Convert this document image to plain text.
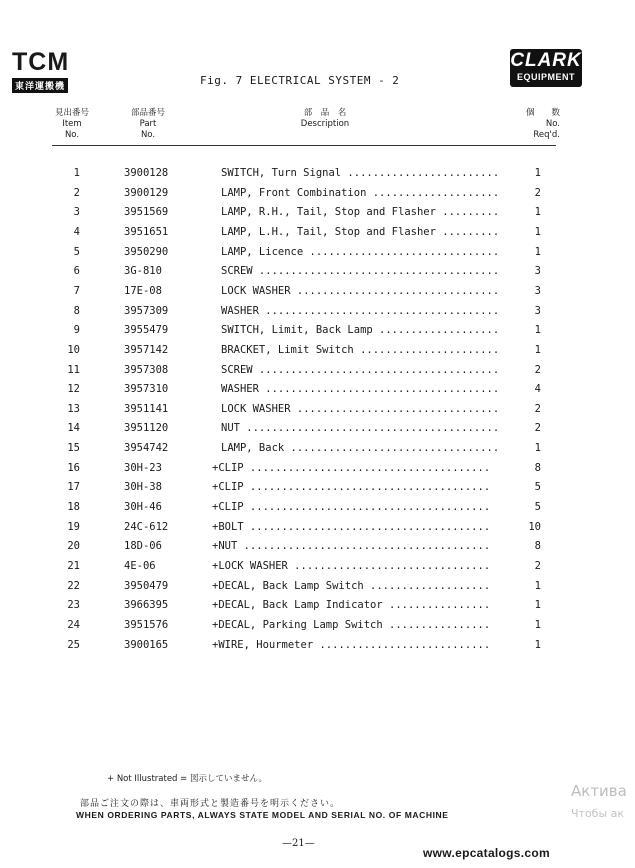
TCM
東洋運搬機
CLARK
EQUIPMENT
Fig. 7 ELECTRICAL SYSTEM - 2
見出番号
Item
No.
部品番号
Part
No.
部　品　名
Description
個　　数
No.
Req'd.
1	3900128	SWITCH, Turn Signal ........................	1
2	3900129	LAMP, Front Combination ....................	2
3	3951569	LAMP, R.H., Tail, Stop and Flasher .........	1
4	3951651	LAMP, L.H., Tail, Stop and Flasher .........	1
5	3950290	LAMP, Licence ..............................	1
6	3G-810	SCREW ......................................	3
7	17E-08	LOCK WASHER ................................	3
8	3957309	WASHER .....................................	3
9	3955479	SWITCH, Limit, Back Lamp ...................	1
10	3957142	BRACKET, Limit Switch ......................	1
11	3957308	SCREW ......................................	2
12	3957310	WASHER .....................................	4
13	3951141	LOCK WASHER ................................	2
14	3951120	NUT ........................................	2
15	3954742	LAMP, Back .................................	1
16	30H-23	+CLIP ......................................	8
17	30H-38	+CLIP ......................................	5
18	30H-46	+CLIP ......................................	5
19	24C-612	+BOLT ......................................	10
20	18D-06	+NUT .......................................	8
21	4E-06	+LOCK WASHER ...............................	2
22	3950479	+DECAL, Back Lamp Switch ...................	1
23	3966395	+DECAL, Back Lamp Indicator ................	1
24	3951576	+DECAL, Parking Lamp Switch ................	1
25	3900165	+WIRE, Hourmeter ...........................	1
+ Not Illustrated = 図示していません。
部品ご注文の際は、車両形式と製造番号を明示ください。
WHEN ORDERING PARTS, ALWAYS STATE MODEL AND SERIAL NO. OF MACHINE
—21—
Актива
Чтобы ак
www.epcatalogs.com
